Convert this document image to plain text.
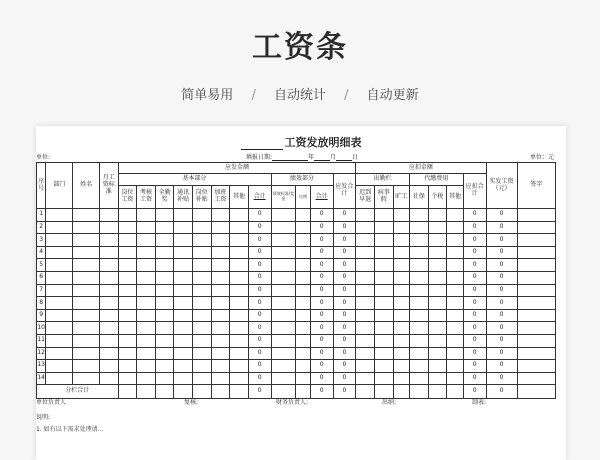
工资条
简单易用 / 自动统计 / 自动更新
工资发放明细表
单位:	填报日期:	年	月	日	单位：元
序号	部门	姓名	月工资标准	应发金额												应扣金额							实发工资（元）	签字
				基本部分								绩效部分			应发合计	出勤栏			代缴费用			应扣合计		
				岗位工资	考核工资	全勤奖	通讯补贴	岗位补贴	加班工资	其他	合计	绩效标准/奖金	比例	合计		迟到早退	病事假	旷工	社保	个税	其他			
1											0			0	0							0	0	
2											0			0	0							0	0	
3											0			0	0							0	0	
4											0			0	0							0	0	
5											0			0	0							0	0	
6											0			0	0							0	0	
7											0			0	0							0	0	
8											0			0	0							0	0	
9											0			0	0							0	0	
10											0			0	0							0	0	
11											0			0	0							0	0	
12											0			0	0							0	0	
13											0			0	0							0	0	
14											0			0	0							0	0	
分栏合计											0			0	0							0	0	
单位负责人	复核:	财务负责人:	出纳:	制表:
说明:
1. 如有以下需求处理请...
